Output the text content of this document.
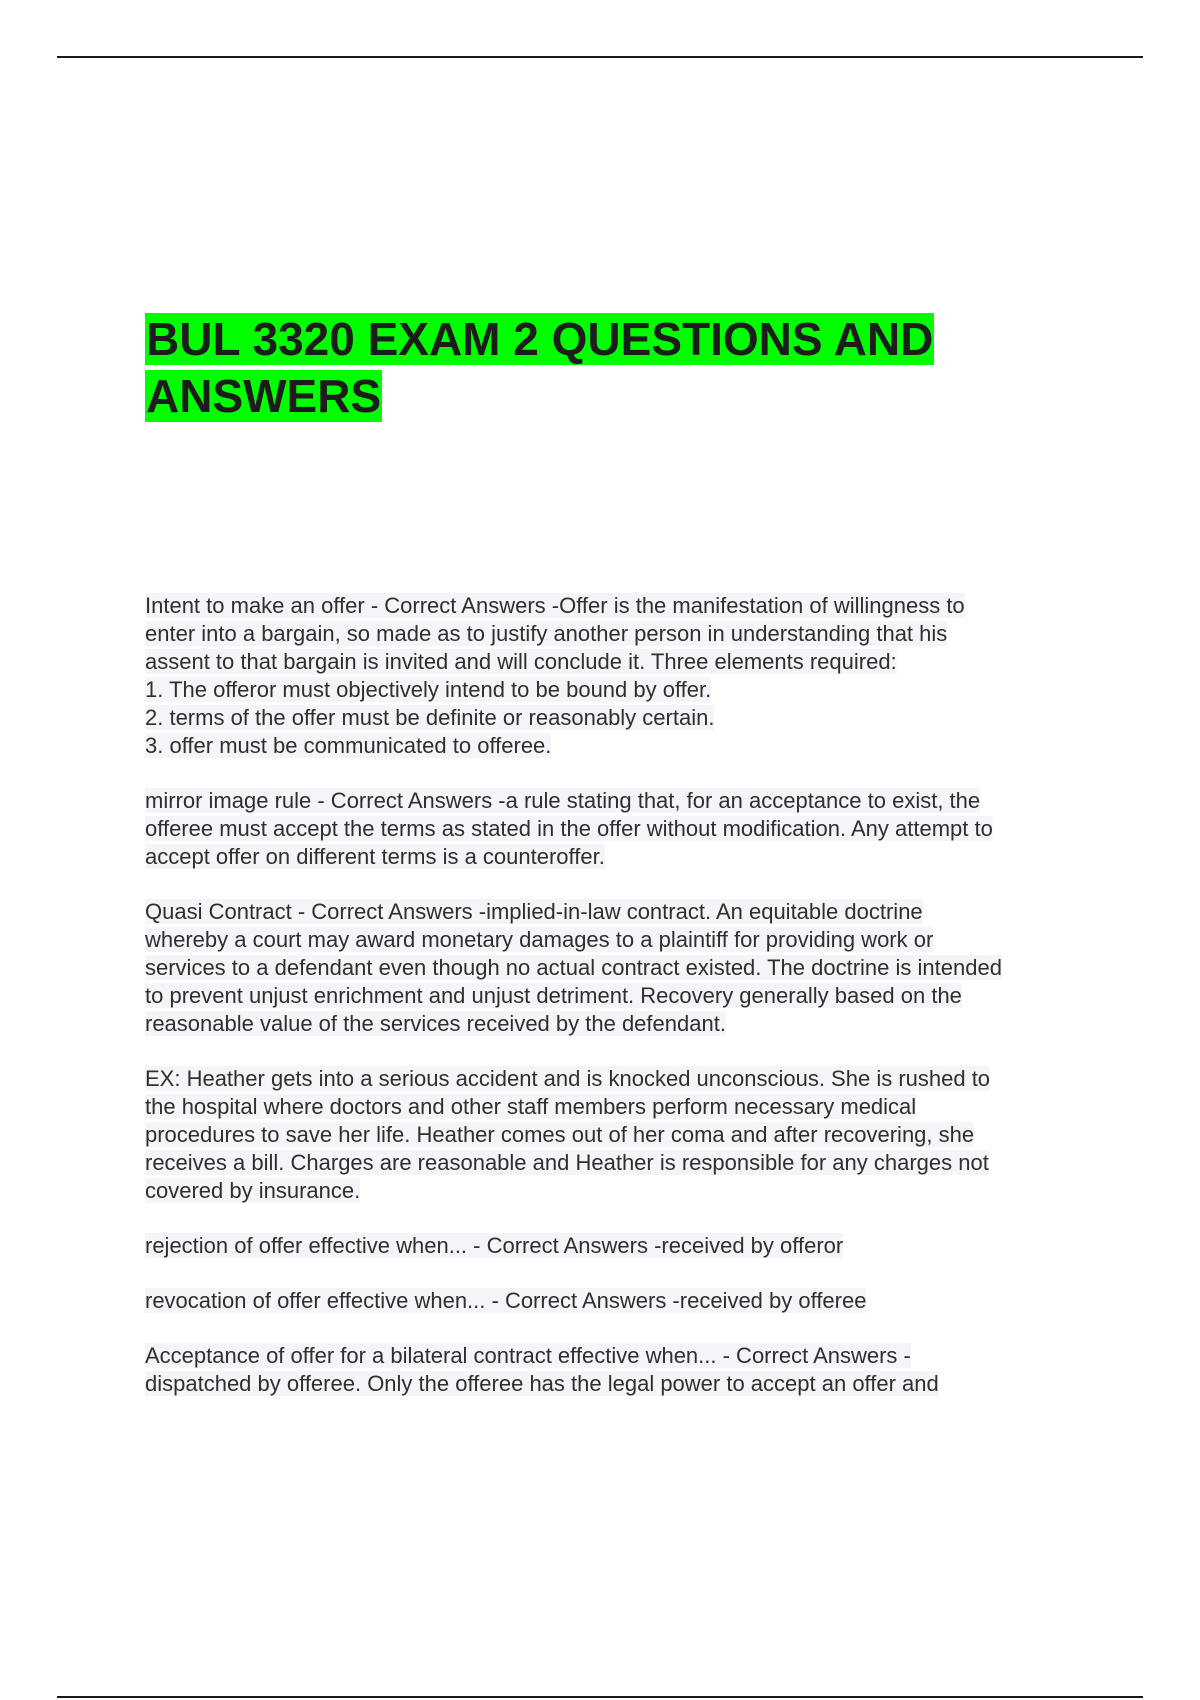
BUL 3320 EXAM 2 QUESTIONS AND ANSWERS

Intent to make an offer - Correct Answers -Offer is the manifestation of willingness to
enter into a bargain, so made as to justify another person in understanding that his
assent to that bargain is invited and will conclude it. Three elements required:
1. The offeror must objectively intend to be bound by offer.
2. terms of the offer must be definite or reasonably certain.
3. offer must be communicated to offeree.

mirror image rule - Correct Answers -a rule stating that, for an acceptance to exist, the
offeree must accept the terms as stated in the offer without modification. Any attempt to
accept offer on different terms is a counteroffer.

Quasi Contract - Correct Answers -implied-in-law contract. An equitable doctrine
whereby a court may award monetary damages to a plaintiff for providing work or
services to a defendant even though no actual contract existed. The doctrine is intended
to prevent unjust enrichment and unjust detriment. Recovery generally based on the
reasonable value of the services received by the defendant.

EX: Heather gets into a serious accident and is knocked unconscious. She is rushed to
the hospital where doctors and other staff members perform necessary medical
procedures to save her life. Heather comes out of her coma and after recovering, she
receives a bill. Charges are reasonable and Heather is responsible for any charges not
covered by insurance.

rejection of offer effective when... - Correct Answers -received by offeror

revocation of offer effective when... - Correct Answers -received by offeree

Acceptance of offer for a bilateral contract effective when... - Correct Answers -
dispatched by offeree. Only the offeree has the legal power to accept an offer and
